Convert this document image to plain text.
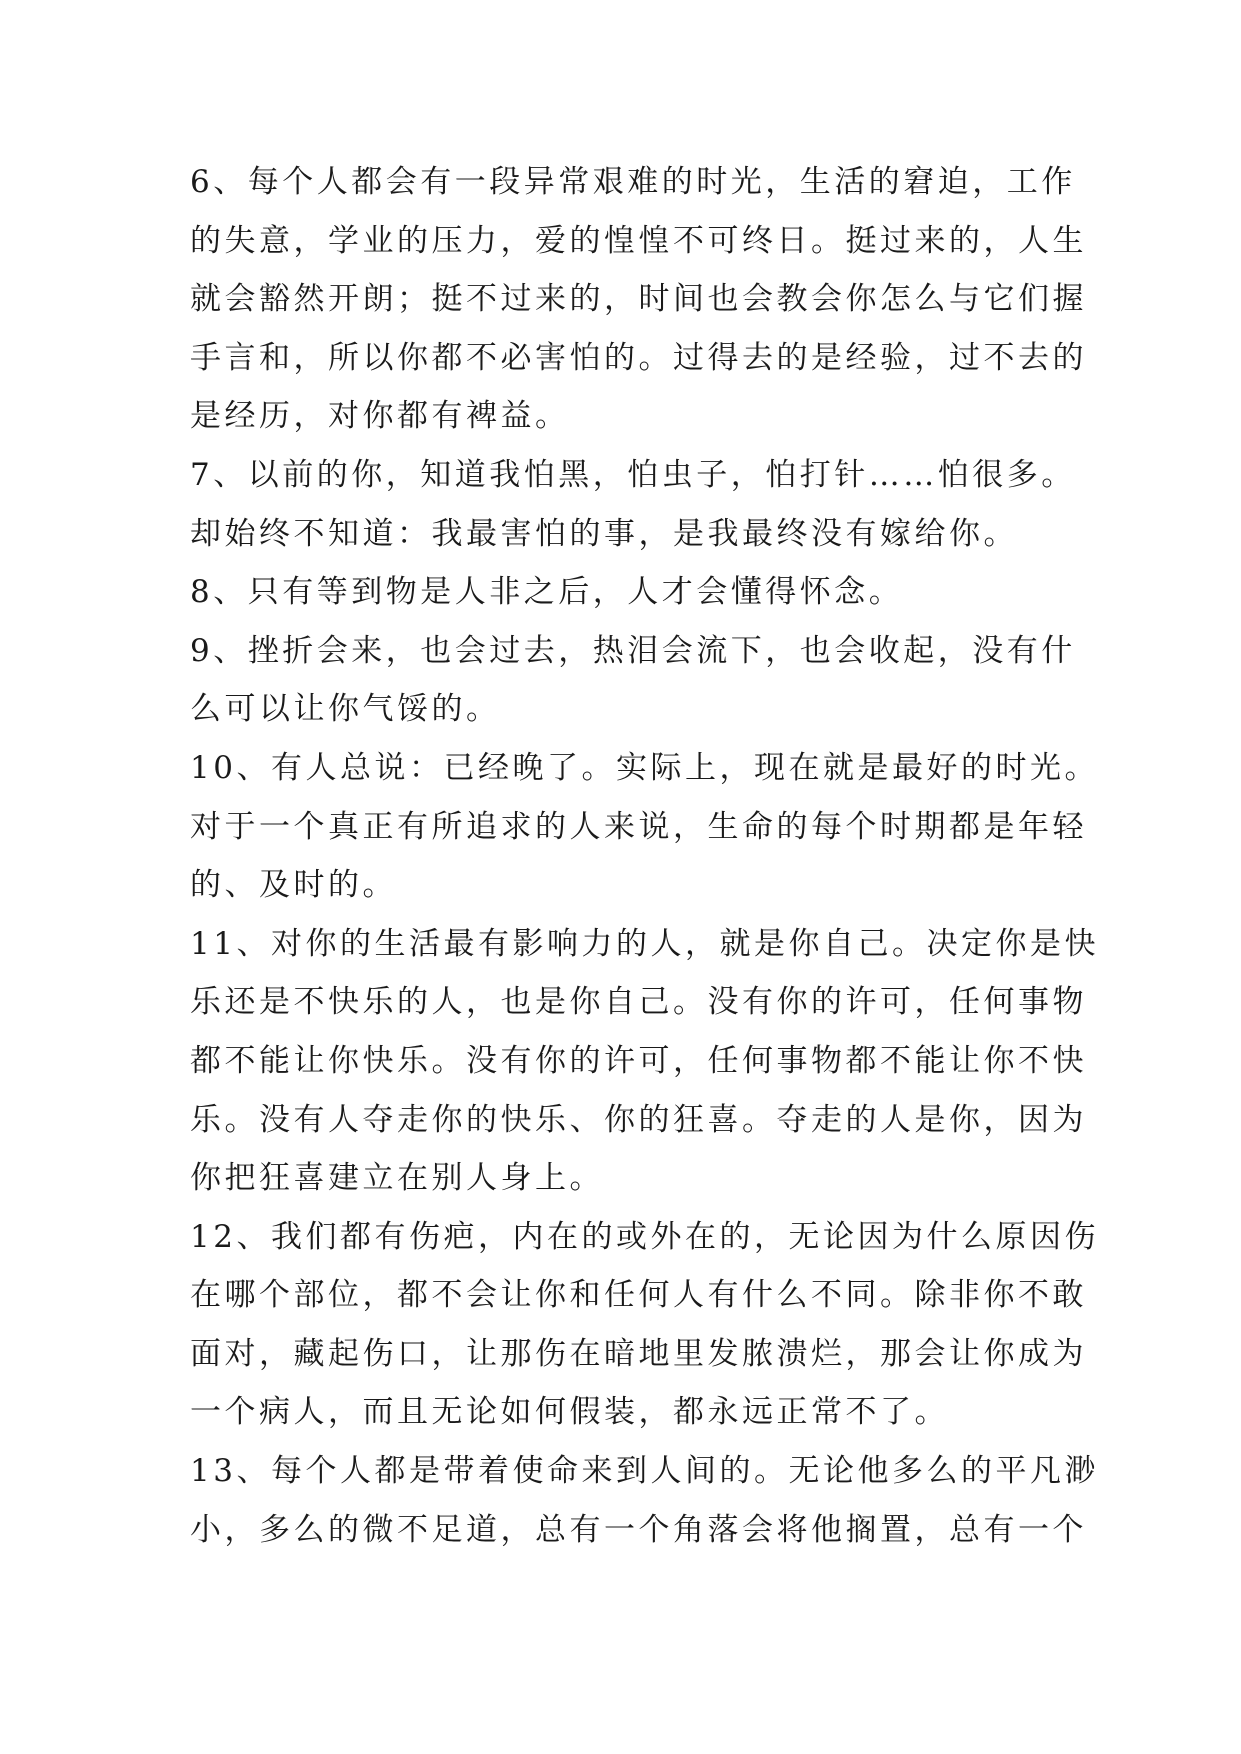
6、每个人都会有一段异常艰难的时光，生活的窘迫，工作
的失意，学业的压力，爱的惶惶不可终日。挺过来的，人生
就会豁然开朗；挺不过来的，时间也会教会你怎么与它们握
手言和，所以你都不必害怕的。过得去的是经验，过不去的
是经历，对你都有裨益。
7、以前的你，知道我怕黑，怕虫子，怕打针……怕很多。
却始终不知道：我最害怕的事，是我最终没有嫁给你。
8、只有等到物是人非之后，人才会懂得怀念。
9、挫折会来，也会过去，热泪会流下，也会收起，没有什
么可以让你气馁的。
10、有人总说：已经晚了。实际上，现在就是最好的时光。
对于一个真正有所追求的人来说，生命的每个时期都是年轻
的、及时的。
11、对你的生活最有影响力的人，就是你自己。决定你是快
乐还是不快乐的人，也是你自己。没有你的许可，任何事物
都不能让你快乐。没有你的许可，任何事物都不能让你不快
乐。没有人夺走你的快乐、你的狂喜。夺走的人是你，因为
你把狂喜建立在别人身上。
12、我们都有伤疤，内在的或外在的，无论因为什么原因伤
在哪个部位，都不会让你和任何人有什么不同。除非你不敢
面对，藏起伤口，让那伤在暗地里发脓溃烂，那会让你成为
一个病人，而且无论如何假装，都永远正常不了。
13、每个人都是带着使命来到人间的。无论他多么的平凡渺
小，多么的微不足道，总有一个角落会将他搁置，总有一个
